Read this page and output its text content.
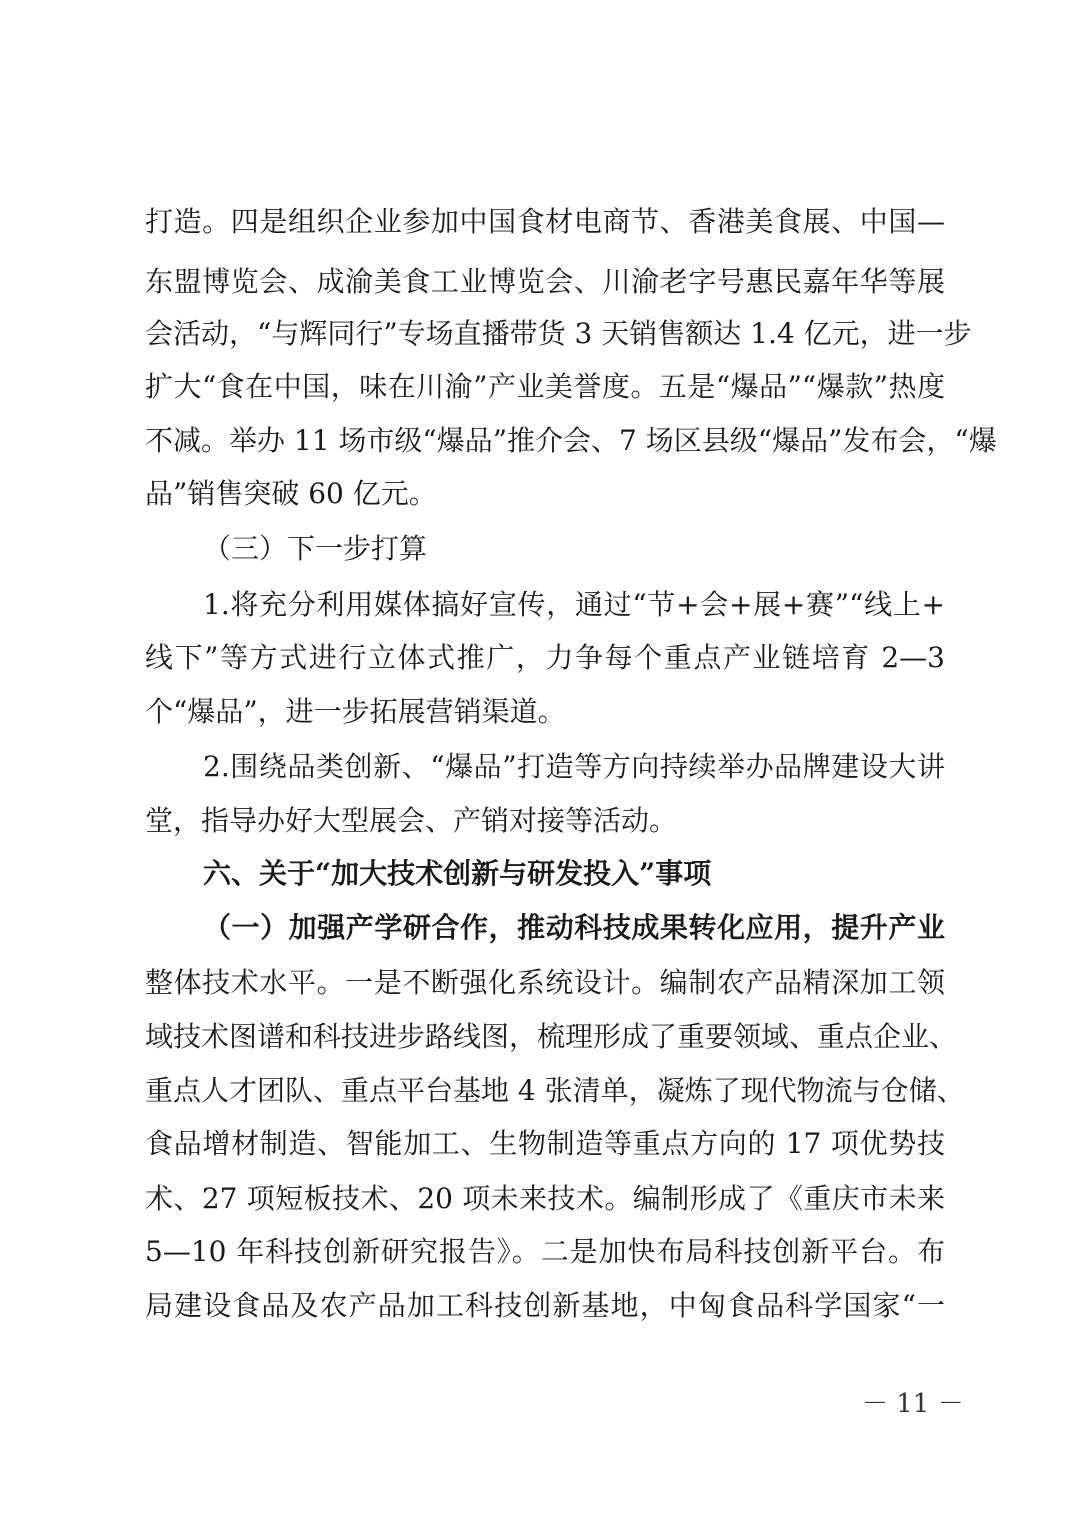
打造。四是组织企业参加中国食材电商节、香港美食展、中国—
东盟博览会、成渝美食工业博览会、川渝老字号惠民嘉年华等展
会活动，“与辉同行”专场直播带货 3 天销售额达 1.4 亿元，进一步
扩大“食在中国，味在川渝”产业美誉度。五是“爆品”“爆款”热度
不减。举办 11 场市级“爆品”推介会、7 场区县级“爆品”发布会，“爆
品”销售突破 60 亿元。
（三）下一步打算
1.将充分利用媒体搞好宣传，通过“节+会+展+赛”“线上+
线下”等方式进行立体式推广，力争每个重点产业链培育 2—3
个“爆品”，进一步拓展营销渠道。
2.围绕品类创新、“爆品”打造等方向持续举办品牌建设大讲
堂，指导办好大型展会、产销对接等活动。
六、关于“加大技术创新与研发投入”事项
（一）加强产学研合作，推动科技成果转化应用，提升产业
整体技术水平。一是不断强化系统设计。编制农产品精深加工领
域技术图谱和科技进步路线图，梳理形成了重要领域、重点企业、
重点人才团队、重点平台基地 4 张清单，凝炼了现代物流与仓储、
食品增材制造、智能加工、生物制造等重点方向的 17 项优势技
术、27 项短板技术、20 项未来技术。编制形成了《重庆市未来
5—10 年科技创新研究报告》。二是加快布局科技创新平台。布
局建设食品及农产品加工科技创新基地，中匈食品科学国家“一
－ 11 －
